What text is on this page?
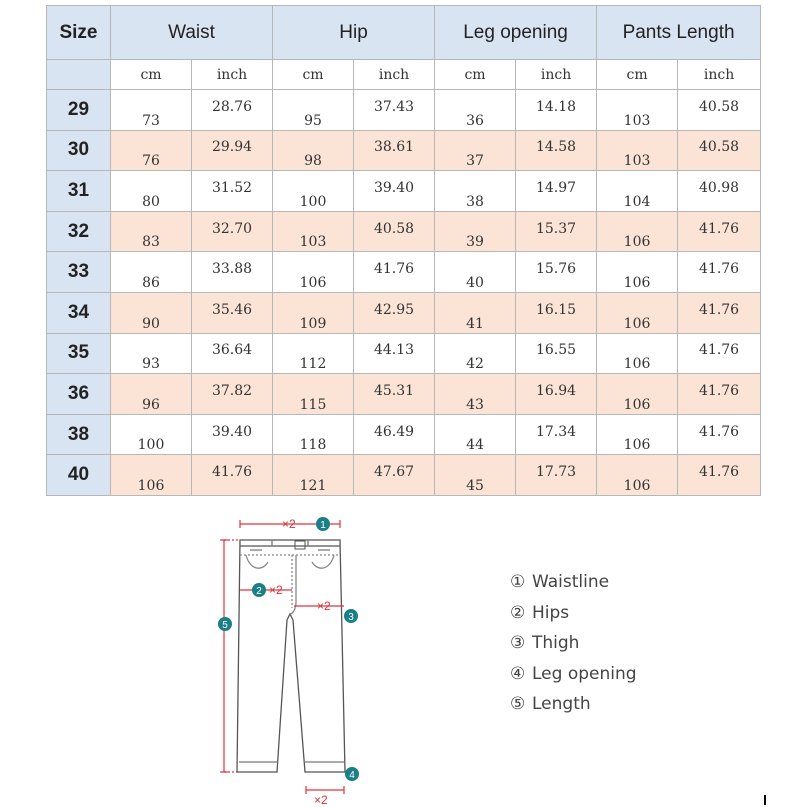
Size	Waist		Hip		Leg opening		Pants Length	
	cm	inch	cm	inch	cm	inch	cm	inch
29	73	28.76	95	37.43	36	14.18	103	40.58
30	76	29.94	98	38.61	37	14.58	103	40.58
31	80	31.52	100	39.40	38	14.97	104	40.98
32	83	32.70	103	40.58	39	15.37	106	41.76
33	86	33.88	106	41.76	40	15.76	106	41.76
34	90	35.46	109	42.95	41	16.15	106	41.76
35	93	36.64	112	44.13	42	16.55	106	41.76
36	96	37.82	115	45.31	43	16.94	106	41.76
38	100	39.40	118	46.49	44	17.34	106	41.76
40	106	41.76	121	47.67	45	17.73	106	41.76
×2
×2
×2
×2
1
2
3
4
5
① Waistline
② Hips
③ Thigh
④ Leg opening
⑤ Length
